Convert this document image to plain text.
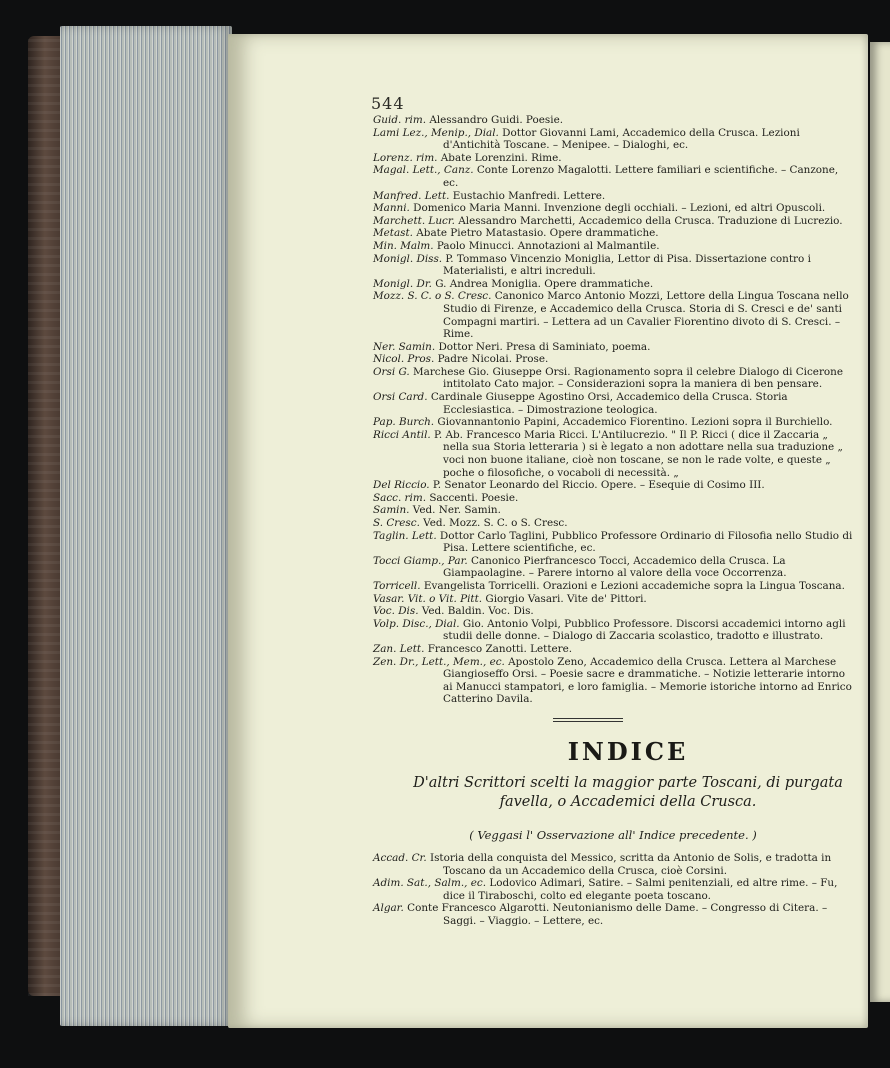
544

Guid. rim. Alessandro Guidi. Poesie.

Lami Lez., Menip., Dial. Dottor Giovanni Lami, Accademico della Crusca. Lezioni d'Antichità Toscane. – Menipee. – Dialoghi, ec.

Lorenz. rim. Abate Lorenzini. Rime.

Magal. Lett., Canz. Conte Lorenzo Magalotti. Lettere familiari e scientifiche. – Canzone, ec.

Manfred. Lett. Eustachio Manfredi. Lettere.

Manni. Domenico Maria Manni. Invenzione degli occhiali. – Lezioni, ed altri Opuscoli.

Marchett. Lucr. Alessandro Marchetti, Accademico della Crusca. Traduzione di Lucrezio.

Metast. Abate Pietro Matastasio. Opere drammatiche.

Min. Malm. Paolo Minucci. Annotazioni al Malmantile.

Monigl. Diss. P. Tommaso Vincenzio Moniglia, Lettor di Pisa. Dissertazione contro i Materialisti, e altri increduli.

Monigl. Dr. G. Andrea Moniglia. Opere drammatiche.

Mozz. S. C. o S. Cresc. Canonico Marco Antonio Mozzi, Lettore della Lingua Toscana nello Studio di Firenze, e Accademico della Crusca. Storia di S. Cresci e de' santi Compagni martiri. – Lettera ad un Cavalier Fiorentino divoto di S. Cresci. – Rime.

Ner. Samin. Dottor Neri. Presa di Saminiato, poema.

Nicol. Pros. Padre Nicolai. Prose.

Orsi G. Marchese Gio. Giuseppe Orsi. Ragionamento sopra il celebre Dialogo di Cicerone intitolato Cato major. – Considerazioni sopra la maniera di ben pensare.

Orsi Card. Cardinale Giuseppe Agostino Orsi, Accademico della Crusca. Storia Ecclesiastica. – Dimostrazione teologica.

Pap. Burch. Giovannantonio Papini, Accademico Fiorentino. Lezioni sopra il Burchiello.

Ricci Antil. P. Ab. Francesco Maria Ricci. L'Antilucrezio. " Il P. Ricci ( dice il Zaccaria „ nella sua Storia letteraria ) si è legato a non adottare nella sua traduzione „ voci non buone italiane, cioè non toscane, se non le rade volte, e queste „ poche o filosofiche, o vocaboli di necessità. „

Del Riccio. P. Senator Leonardo del Riccio. Opere. – Esequie di Cosimo III.

Sacc. rim. Saccenti. Poesie.

Samin. Ved. Ner. Samin.

S. Cresc. Ved. Mozz. S. C. o S. Cresc.

Taglin. Lett. Dottor Carlo Taglini, Pubblico Professore Ordinario di Filosofia nello Studio di Pisa. Lettere scientifiche, ec.

Tocci Giamp., Par. Canonico Pierfrancesco Tocci, Accademico della Crusca. La Giampaolagine. – Parere intorno al valore della voce Occorrenza.

Torricell. Evangelista Torricelli. Orazioni e Lezioni accademiche sopra la Lingua Toscana.

Vasar. Vit. o Vit. Pitt. Giorgio Vasari. Vite de' Pittori.

Voc. Dis. Ved. Baldin. Voc. Dis.

Volp. Disc., Dial. Gio. Antonio Volpi, Pubblico Professore. Discorsi accademici intorno agli studii delle donne. – Dialogo di Zaccaria scolastico, tradotto e illustrato.

Zan. Lett. Francesco Zanotti. Lettere.

Zen. Dr., Lett., Mem., ec. Apostolo Zeno, Accademico della Crusca. Lettera al Marchese Giangioseffo Orsi. – Poesie sacre e drammatiche. – Notizie letterarie intorno ai Manucci stampatori, e loro famiglia. – Memorie istoriche intorno ad Enrico Catterino Davila.

INDICE
D'altri Scrittori scelti la maggior parte Toscani, di purgata favella, o Accademici della Crusca.
( Veggasi l' Osservazione all' Indice precedente. )

Accad. Cr. Istoria della conquista del Messico, scritta da Antonio de Solis, e tradotta in Toscano da un Accademico della Crusca, cioè Corsini.

Adim. Sat., Salm., ec. Lodovico Adimari, Satire. – Salmi penitenziali, ed altre rime. – Fu, dice il Tiraboschi, colto ed elegante poeta toscano.

Algar. Conte Francesco Algarotti. Neutonianismo delle Dame. – Congresso di Citera. – Saggi. – Viaggio. – Lettere, ec.
